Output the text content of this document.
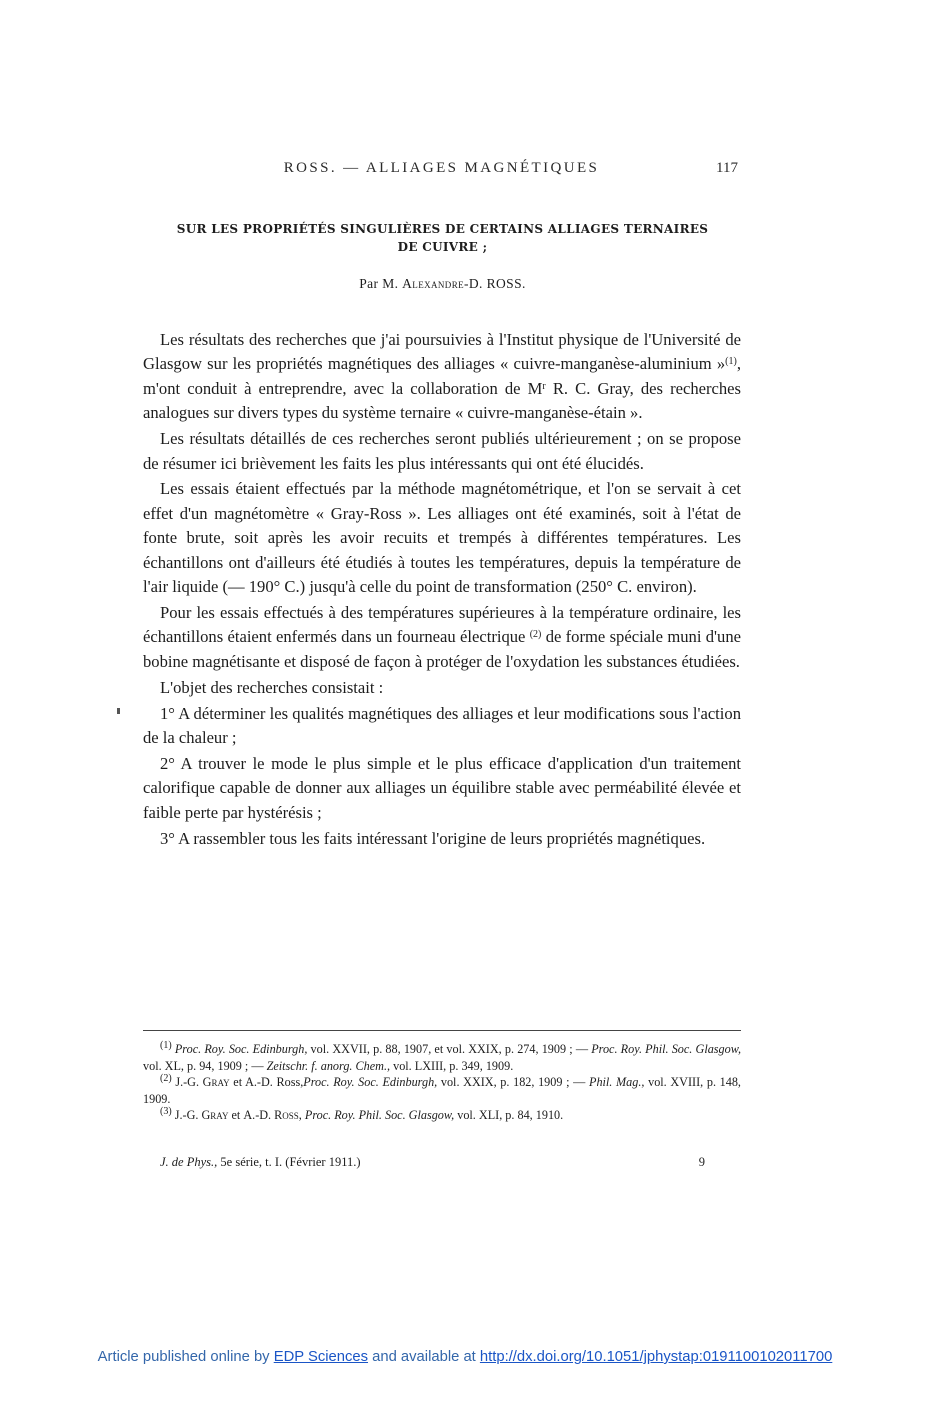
ROSS. — ALLIAGES MAGNÉTIQUES	117
SUR LES PROPRIÉTÉS SINGULIÈRES DE CERTAINS ALLIAGES TERNAIRES
DE CUIVRE ;
Par M. Alexandre-D. ROSS.

Les résultats des recherches que j'ai poursuivies à l'Institut physique de l'Université de Glasgow sur les propriétés magnétiques des alliages « cuivre-manganèse-aluminium »$^{(1)}$, m'ont conduit à entreprendre, avec la collaboration de $M^r$ R. C. Gray, des recherches analogues sur divers types du système ternaire « cuivre-manganèse-étain ».

Les résultats détaillés de ces recherches seront publiés ultérieurement ; on se propose de résumer ici brièvement les faits les plus intéressants qui ont été élucidés.

Les essais étaient effectués par la méthode magnétométrique, et l'on se servait à cet effet d'un magnétomètre « Gray-Ross ». Les alliages ont été examinés, soit à l'état de fonte brute, soit après les avoir recuits et trempés à différentes températures. Les échantillons ont d'ailleurs été étudiés à toutes les températures, depuis la température de l'air liquide (— 190° C.) jusqu'à celle du point de transformation (250° C. environ).

Pour les essais effectués à des températures supérieures à la température ordinaire, les échantillons étaient enfermés dans un fourneau électrique $^{(2)}$ de forme spéciale muni d'une bobine magnétisante et disposé de façon à protéger de l'oxydation les substances étudiées.

L'objet des recherches consistait :

1° A déterminer les qualités magnétiques des alliages et leur modifications sous l'action de la chaleur ;

2° A trouver le mode le plus simple et le plus efficace d'application d'un traitement calorifique capable de donner aux alliages un équilibre stable avec perméabilité élevée et faible perte par hystérésis ;

3° A rassembler tous les faits intéressant l'origine de leurs propriétés magnétiques.

$^{(1)}$ Proc. Roy. Soc. Edinburgh, vol. XXVII, p. 88, 1907, et vol. XXIX, p. 274, 1909 ; — Proc. Roy. Phil. Soc. Glasgow, vol. XL, p. 94, 1909 ; — Zeitschr. f. anorg. Chem., vol. LXIII, p. 349, 1909.

$^{(2)}$ J.-G. Gray et A.-D. Ross,Proc. Roy. Soc. Edinburgh, vol. XXIX, p. 182, 1909 ; — Phil. Mag., vol. XVIII, p. 148, 1909.

$^{(3)}$ J.-G. Gray et A.-D. Ross, Proc. Roy. Phil. Soc. Glasgow, vol. XLI, p. 84, 1910.

J. de Phys., 5e série, t. I. (Février 1911.)	9
Article published online by EDP Sciences and available at http://dx.doi.org/10.1051/jphystap:0191100102011700
